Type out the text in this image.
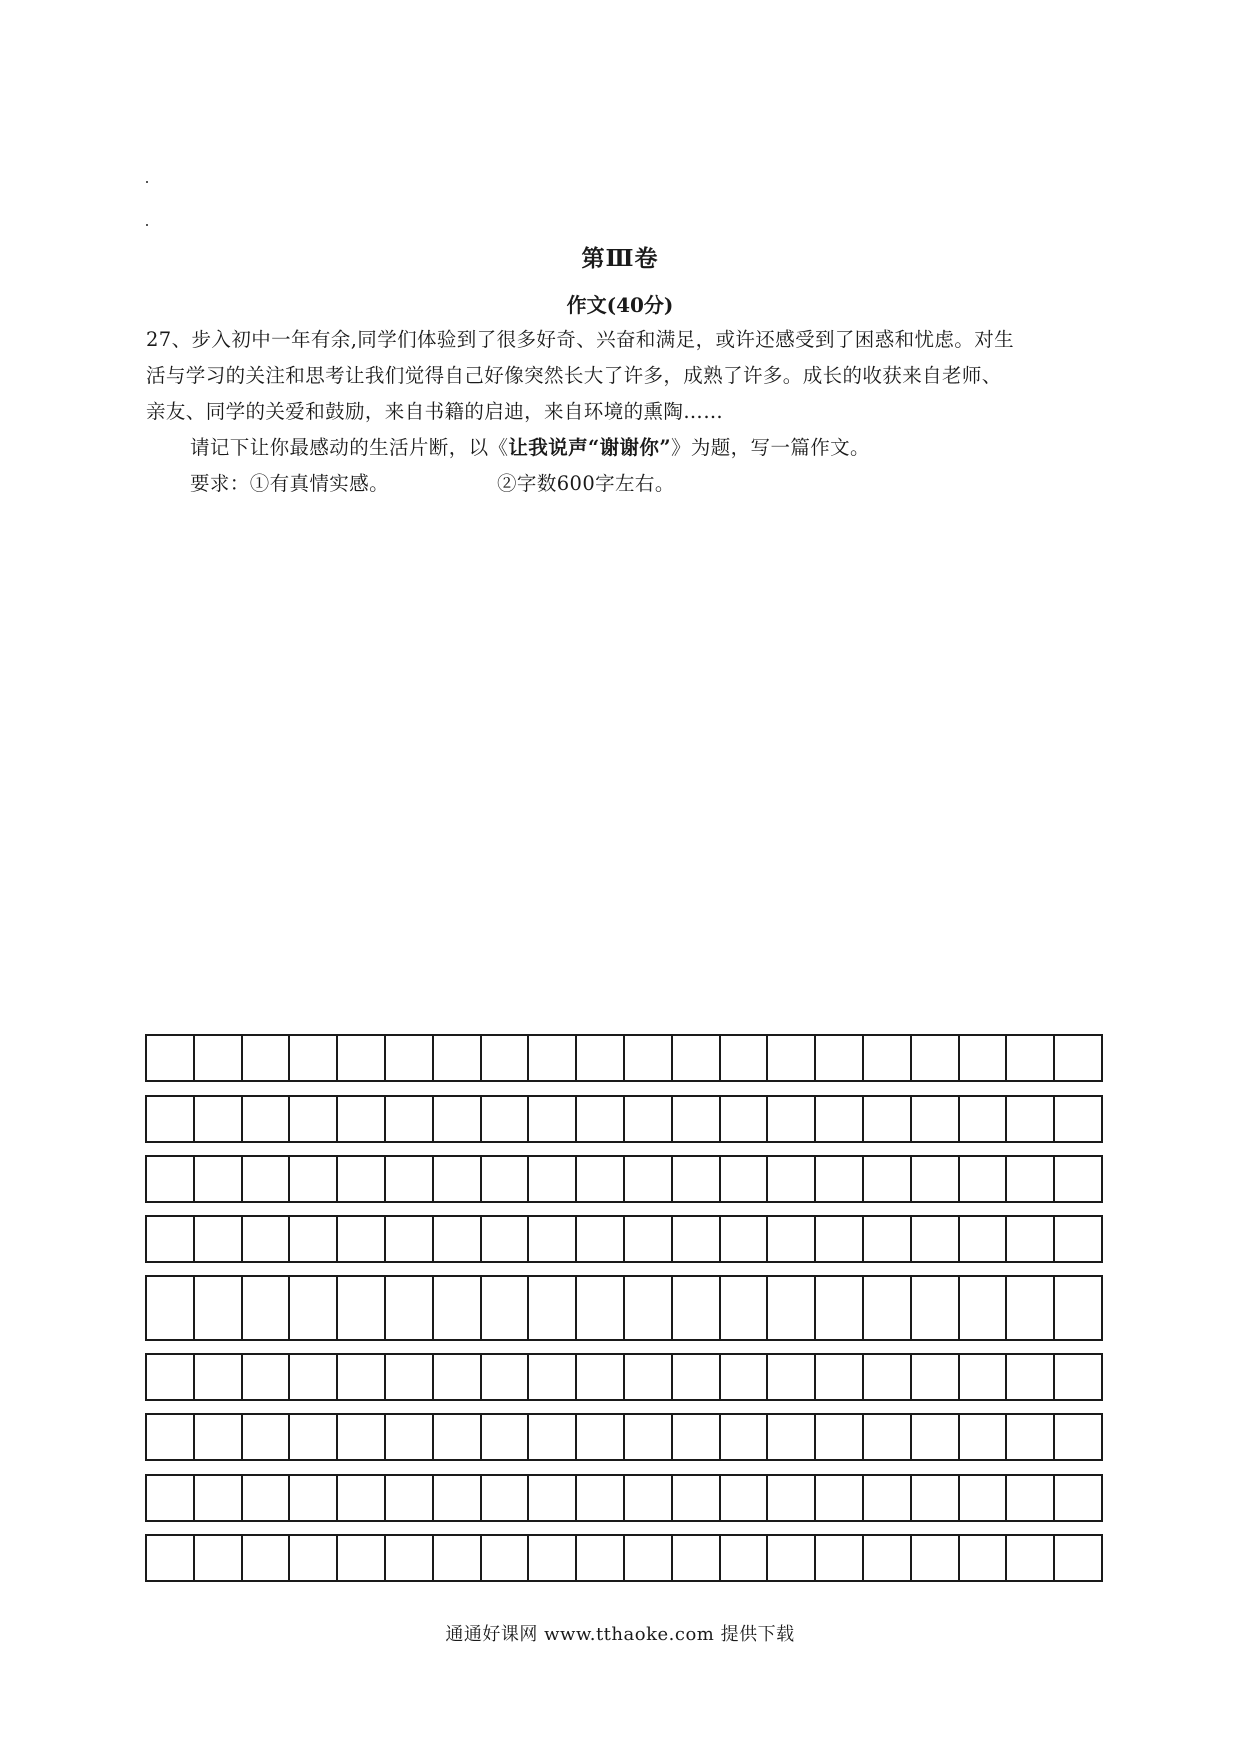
第Ⅲ卷
作文(40分)

27、步入初中一年有余,同学们体验到了很多好奇、兴奋和满足，或许还感受到了困惑和忧虑。对生

活与学习的关注和思考让我们觉得自己好像突然长大了许多，成熟了许多。成长的收获来自老师、

亲友、同学的关爱和鼓励，来自书籍的启迪，来自环境的熏陶……

请记下让你最感动的生活片断，以《让我说声“谢谢你”》为题，写一篇作文。

要求：①有真情实感。	②字数600字左右。

通通好课网 www.tthaoke.com 提供下载
